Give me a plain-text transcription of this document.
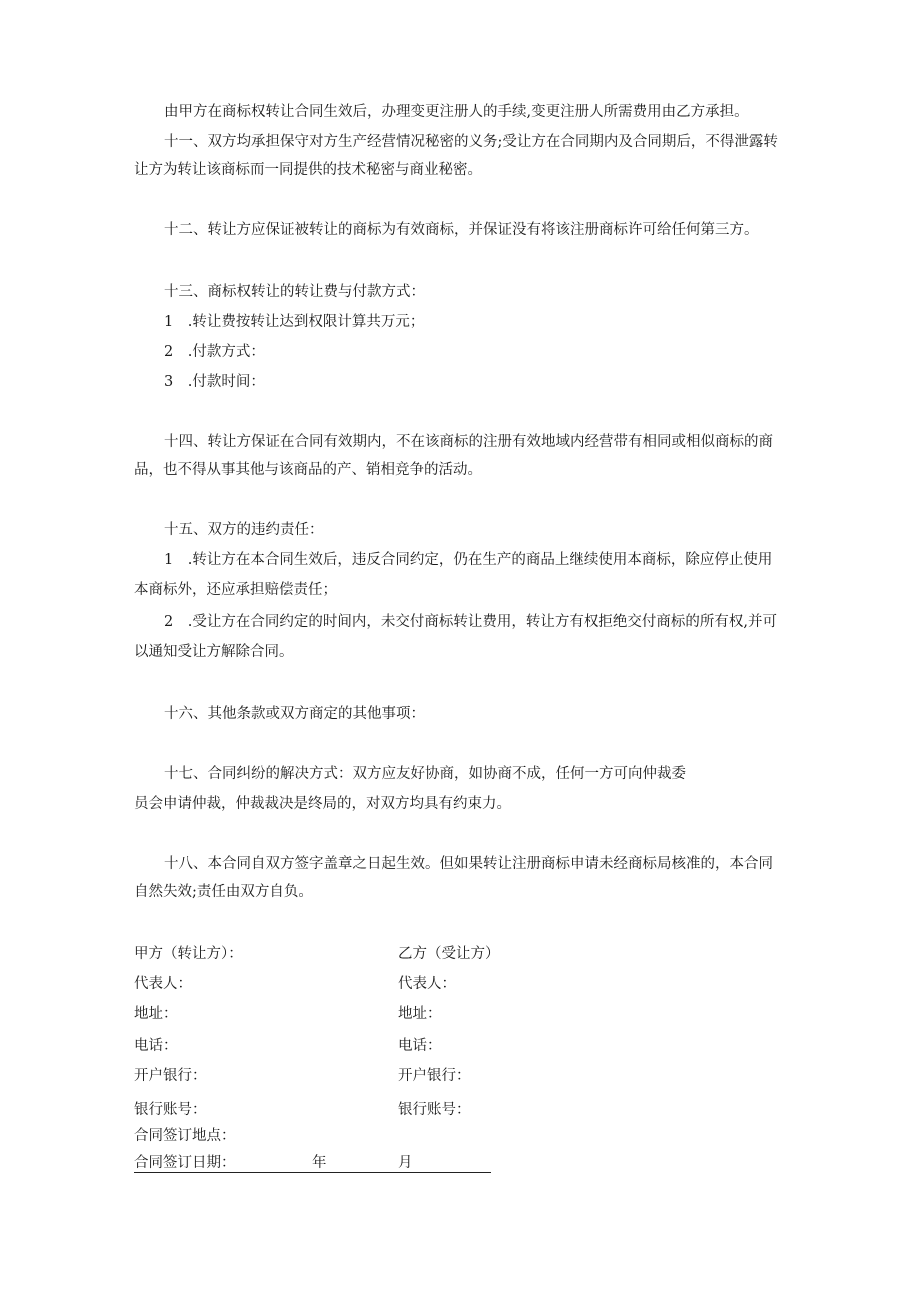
由甲方在商标权转让合同生效后，办理变更注册人的手续,变更注册人所需费用由乙方承担。
十一、双方均承担保守对方生产经营情况秘密的义务;受让方在合同期内及合同期后，不得泄露转
让方为转让该商标而一同提供的技术秘密与商业秘密。
十二、转让方应保证被转让的商标为有效商标，并保证没有将该注册商标许可给任何第三方。
十三、商标权转让的转让费与付款方式：
1　.转让费按转让达到权限计算共万元；
2　.付款方式：
3　.付款时间：
十四、转让方保证在合同有效期内，不在该商标的注册有效地域内经营带有相同或相似商标的商
品，也不得从事其他与该商品的产、销相竞争的活动。
十五、双方的违约责任：
1　.转让方在本合同生效后，违反合同约定，仍在生产的商品上继续使用本商标，除应停止使用
本商标外，还应承担赔偿责任；
2　.受让方在合同约定的时间内，未交付商标转让费用，转让方有权拒绝交付商标的所有权,并可
以通知受让方解除合同。
十六、其他条款或双方商定的其他事项：
十七、合同纠纷的解决方式：双方应友好协商，如协商不成，任何一方可向仲裁委
员会申请仲裁，仲裁裁决是终局的，对双方均具有约束力。
十八、本合同自双方签字盖章之日起生效。但如果转让注册商标申请未经商标局核准的，本合同
自然失效;责任由双方自负。
甲方（转让方）：	乙方（受让方）
代表人：	代表人：
地址：	地址：
电话：	电话：
开户银行：	开户银行：
银行账号：	银行账号：
合同签订地点：
合同签订日期：	年	月
